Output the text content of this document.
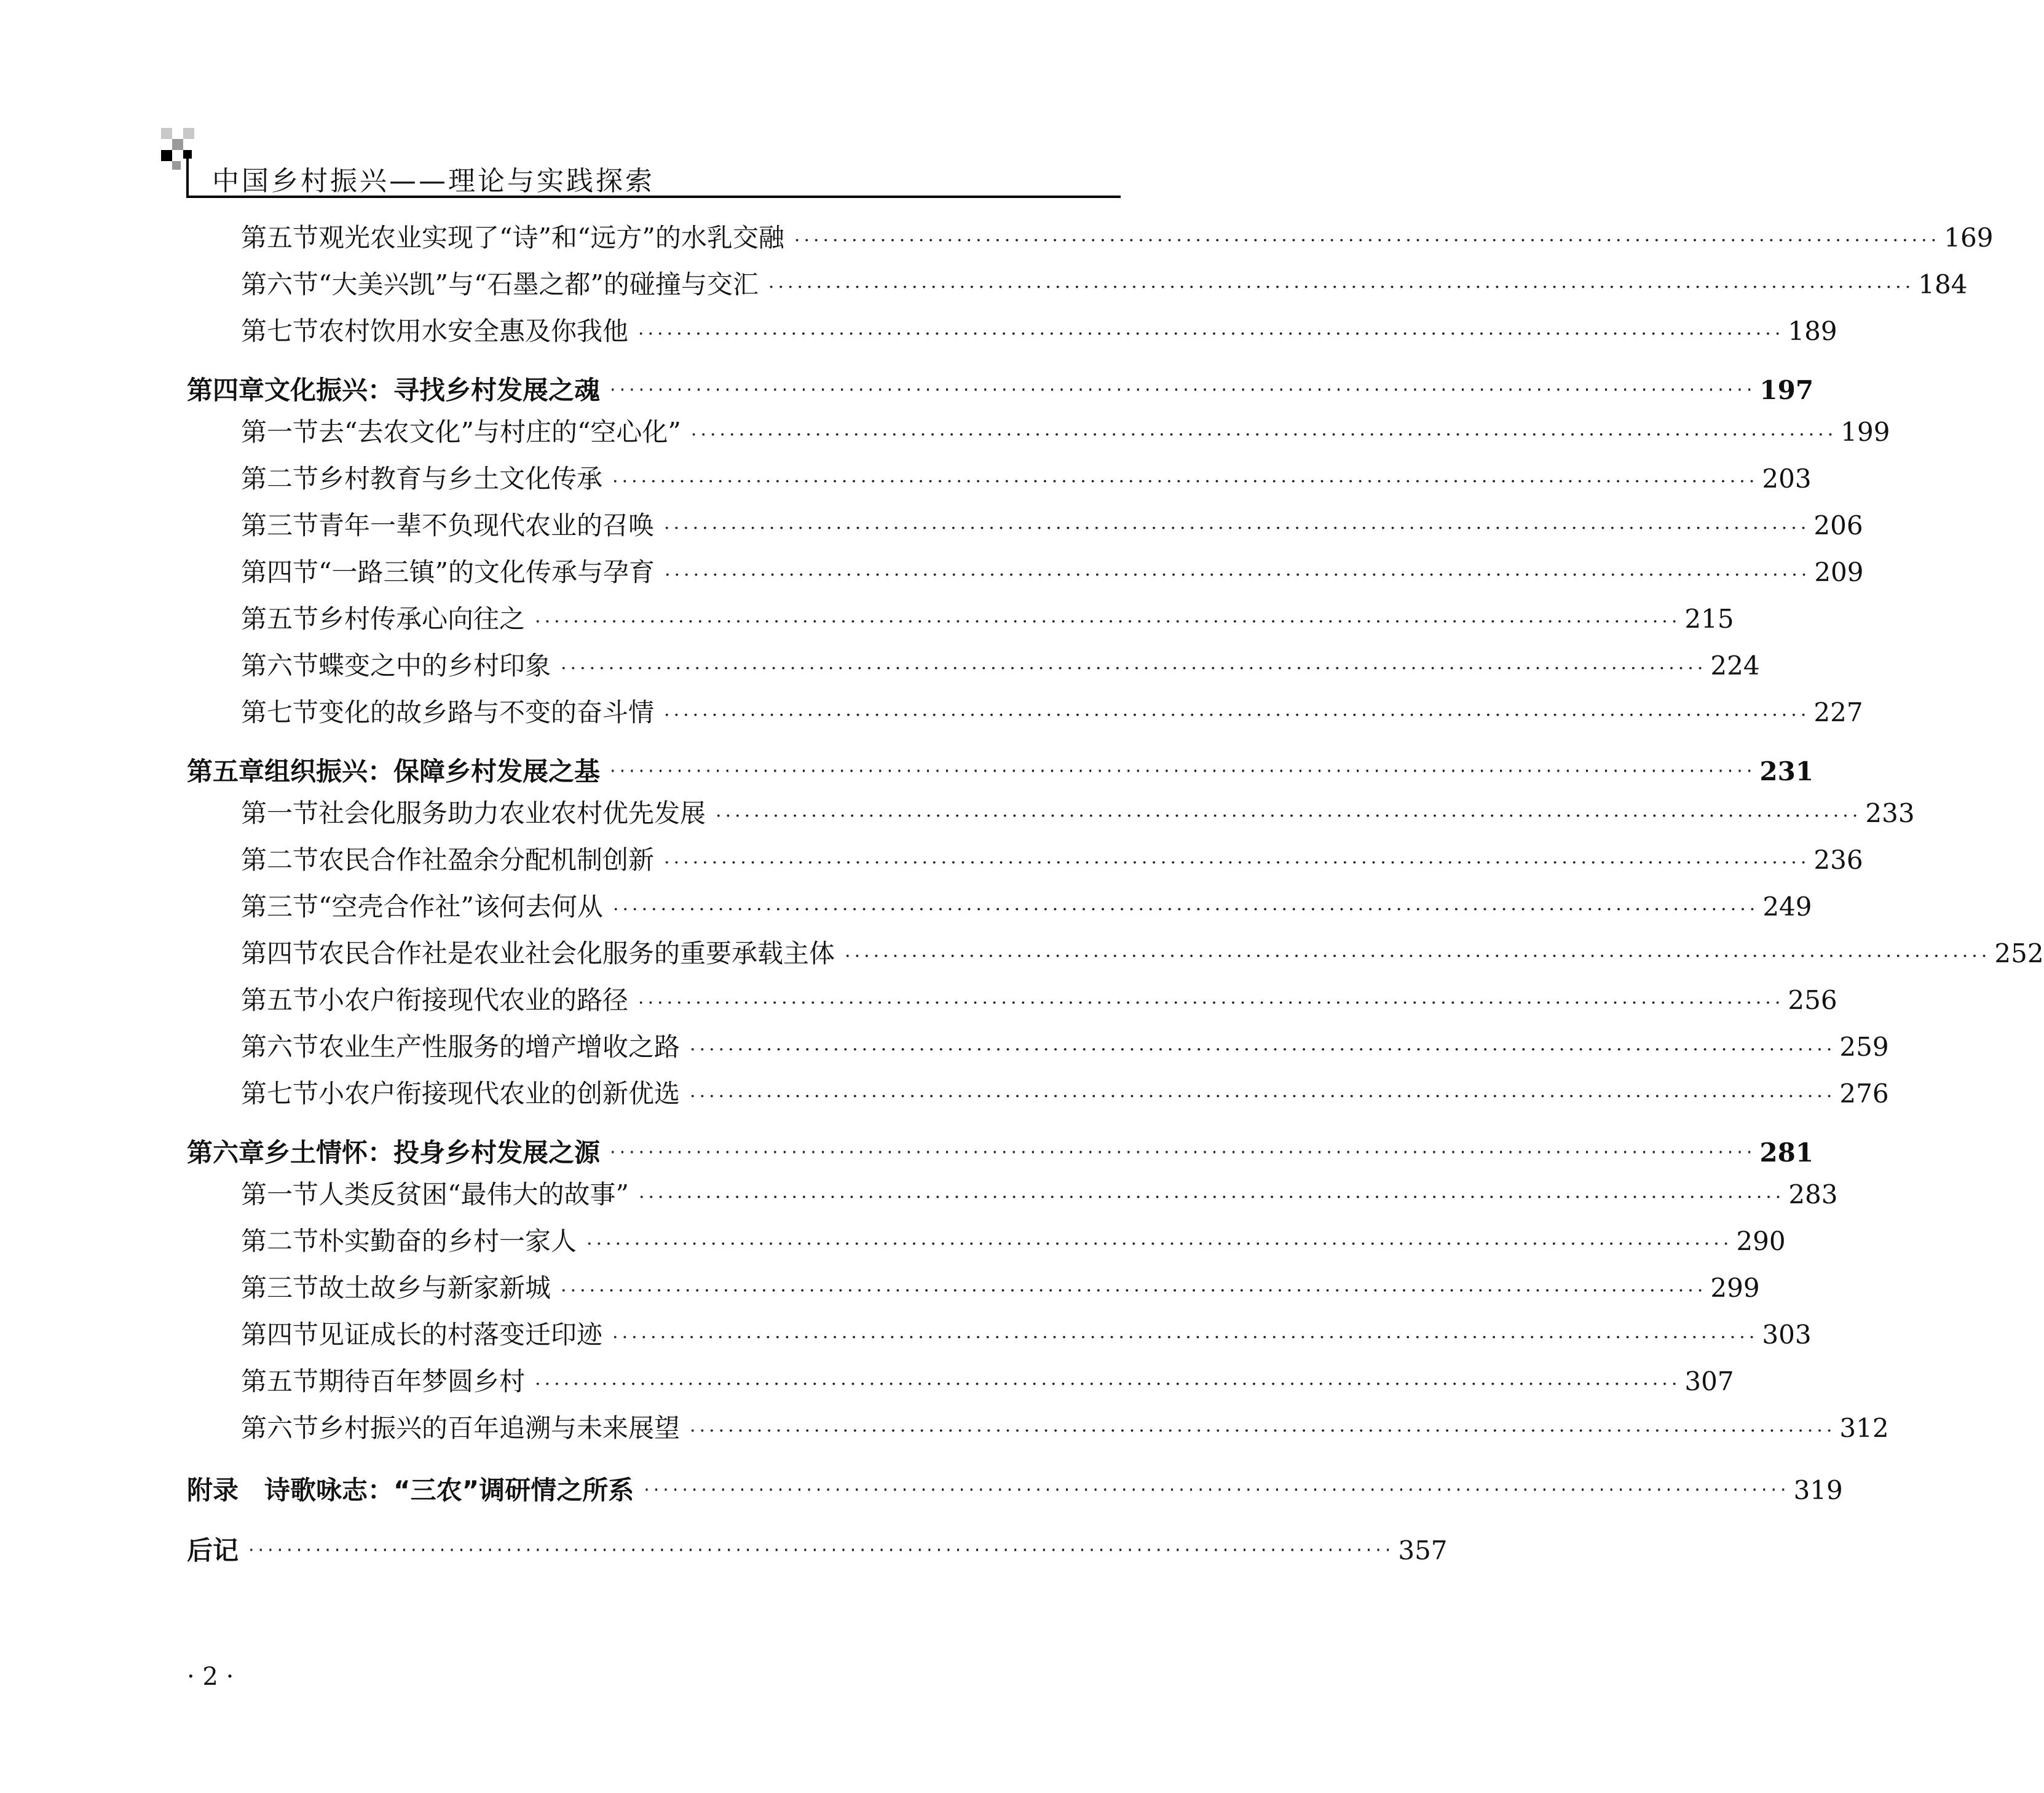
中国乡村振兴——理论与实践探索
第五节 观光农业实现了“诗”和“远方”的水乳交融 ························································································································ 169
第六节 “大美兴凯”与“石墨之都”的碰撞与交汇 ························································································································ 184
第七节 农村饮用水安全惠及你我他 ························································································································ 189
第四章 文化振兴：寻找乡村发展之魂 ························································································································ 197
第一节 去“去农文化”与村庄的“空心化” ························································································································ 199
第二节 乡村教育与乡土文化传承 ························································································································ 203
第三节 青年一辈不负现代农业的召唤 ························································································································ 206
第四节 “一路三镇”的文化传承与孕育 ························································································································ 209
第五节 乡村传承心向往之 ························································································································ 215
第六节 蝶变之中的乡村印象 ························································································································ 224
第七节 变化的故乡路与不变的奋斗情 ························································································································ 227
第五章 组织振兴：保障乡村发展之基 ························································································································ 231
第一节 社会化服务助力农业农村优先发展 ························································································································ 233
第二节 农民合作社盈余分配机制创新 ························································································································ 236
第三节 “空壳合作社”该何去何从 ························································································································ 249
第四节 农民合作社是农业社会化服务的重要承载主体 ························································································································ 252
第五节 小农户衔接现代农业的路径 ························································································································ 256
第六节 农业生产性服务的增产增收之路 ························································································································ 259
第七节 小农户衔接现代农业的创新优选 ························································································································ 276
第六章 乡土情怀：投身乡村发展之源 ························································································································ 281
第一节 人类反贫困“最伟大的故事” ························································································································ 283
第二节 朴实勤奋的乡村一家人 ························································································································ 290
第三节 故土故乡与新家新城 ························································································································ 299
第四节 见证成长的村落变迁印迹 ························································································································ 303
第五节 期待百年梦圆乡村 ························································································································ 307
第六节 乡村振兴的百年追溯与未来展望 ························································································································ 312
附录　诗歌咏志：“三农”调研情之所系 ························································································································ 319
后记 ························································································································ 357
· 2 ·
